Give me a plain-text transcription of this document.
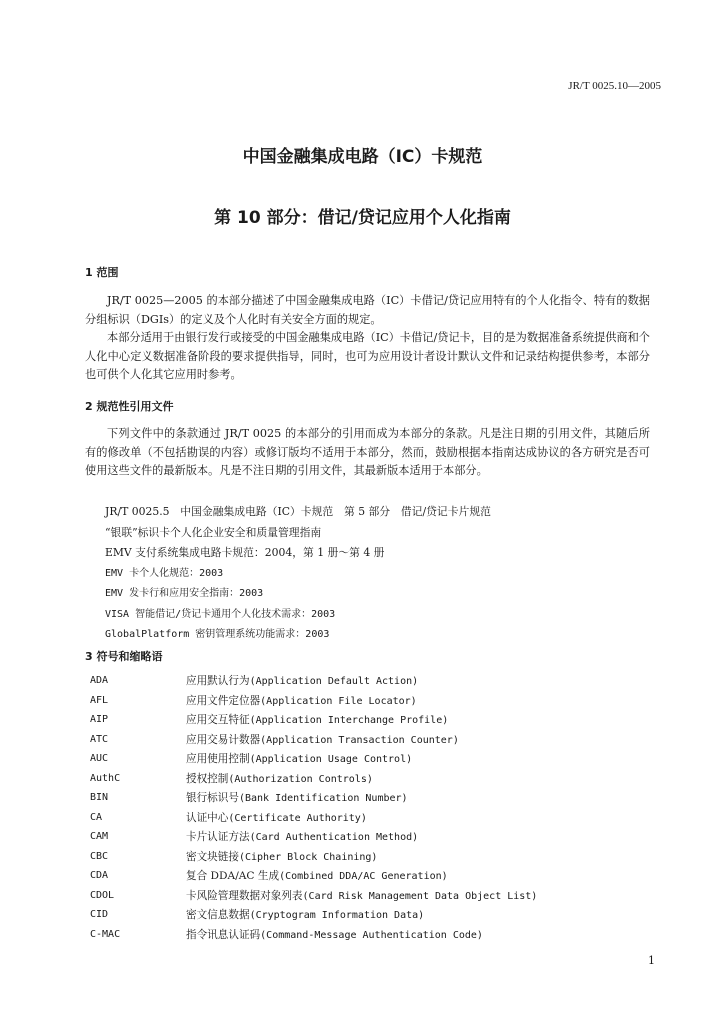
JR/T 0025.10—2005
中国金融集成电路（IC）卡规范
第 10 部分：借记/贷记应用个人化指南
1 范围

JR/T 0025—2005 的本部分描述了中国金融集成电路（IC）卡借记/贷记应用特有的个人化指令、特有的数据分组标识（DGIs）的定义及个人化时有关安全方面的规定。

本部分适用于由银行发行或接受的中国金融集成电路（IC）卡借记/贷记卡，目的是为数据准备系统提供商和个人化中心定义数据准备阶段的要求提供指导，同时，也可为应用设计者设计默认文件和记录结构提供参考，本部分也可供个人化其它应用时参考。

2 规范性引用文件

下列文件中的条款通过 JR/T 0025 的本部分的引用而成为本部分的条款。凡是注日期的引用文件，其随后所有的修改单（不包括勘误的内容）或修订版均不适用于本部分，然而，鼓励根据本指南达成协议的各方研究是否可使用这些文件的最新版本。凡是不注日期的引用文件，其最新版本适用于本部分。

JR/T 0025.5　中国金融集成电路（IC）卡规范　第 5 部分　借记/贷记卡片规范
“银联”标识卡个人化企业安全和质量管理指南
EMV 支付系统集成电路卡规范：2004，第 1 册～第 4 册
EMV 卡个人化规范：2003
EMV 发卡行和应用安全指南：2003
VISA 智能借记/贷记卡通用个人化技术需求：2003
GlobalPlatform 密钥管理系统功能需求：2003
3 符号和缩略语
ADA	应用默认行为(Application Default Action)
AFL	应用文件定位器(Application File Locator)
AIP	应用交互特征(Application Interchange Profile)
ATC	应用交易计数器(Application Transaction Counter)
AUC	应用使用控制(Application Usage Control)
AuthC	授权控制(Authorization Controls)
BIN	银行标识号(Bank Identification Number)
CA	认证中心(Certificate Authority)
CAM	卡片认证方法(Card Authentication Method)
CBC	密文块链接(Cipher Block Chaining)
CDA	复合 DDA/AC 生成(Combined DDA/AC Generation)
CDOL	卡风险管理数据对象列表(Card Risk Management Data Object List)
CID	密文信息数据(Cryptogram Information Data)
C-MAC	指令讯息认证码(Command-Message Authentication Code)
1
